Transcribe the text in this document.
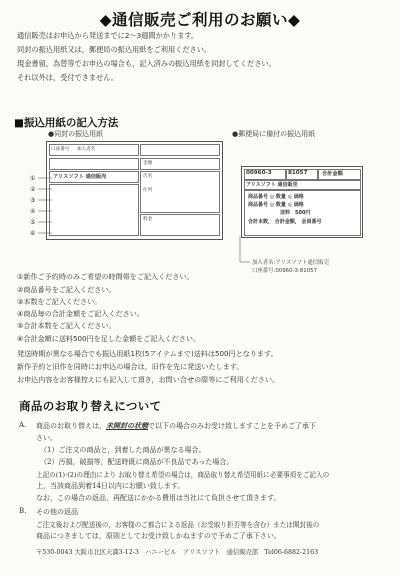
◆通信販売ご利用のお願い◆
通信販売はお申込から発送までに2〜3週間かかります。
同封の振込用紙又は，郵便局の振込用紙をご利用ください。
現金書留，為替等でお申込の場合も，記入済みの振込用紙を同封してください。
それ以外は，受付できません。
■振込用紙の記入方法
●同封の振込用紙
口座番号 加入者名
金額
アリスソフト 通信販売	氏名
住所
料金
①
②
③
④
⑤
⑥
●郵便局に備付の振込用紙
00960-3	81057	合計金額
アリスソフト 通信販売
商品番号 ◎ 数量 ◎ 価格
商品番号 ◎ 数量 ◎ 価格
送料　500円
合計本数， 合計金額， 会員番号
加入者名:アリスソフト通信販売
口座番号:00960-3-81057
①新作ご予約時のみご希望の時間帯をご記入ください。
②商品番号をご記入ください。
③本数をご記入ください。
④商品毎の合計金額をご記入ください。
⑤合計本数をご記入ください。
⑥合計金額に送料500円を足した金額をご記入ください。
発送時期が異なる場合でも振込用紙1枚(5アイテムまで)送料は500円となります。
新作予約と旧作を同時にお申込の場合は，旧作を先に発送いたします。
お申込内容をお客様控えにも記入して頂き，お問い合せの際等にご利用ください。
商品のお取り替えについて
A. 商品のお取り替えは，未開封の状態で以下の場合のみお受け致しますことを予めご了承下
さい。
（1）ご注文の商品と，到着した商品が異なる場合。
（2）汚損，破損等，配送時既に商品が不良品であった場合。
上記の(1)·(2)の理由により お取り替え希望の場合は，商品取り替え希望用紙に必要事項をご記入の
上，当該商品到着14日以内にお願い致します。
なお，この場合の返品，再配送にかかる費用は当社にて負担させて頂きます。
B. その他の返品
ご注文後および配送後の，お客様のご都合による返品（お受取り拒否等を含む）または開封後の
商品につきましては，原則としてお受け致しかねますので予めご了承下さい。
〒530-0043 大阪市北区天満3-12-3　ハニービル　アリスソフト　通信販売部　Tel06-6882-2163
